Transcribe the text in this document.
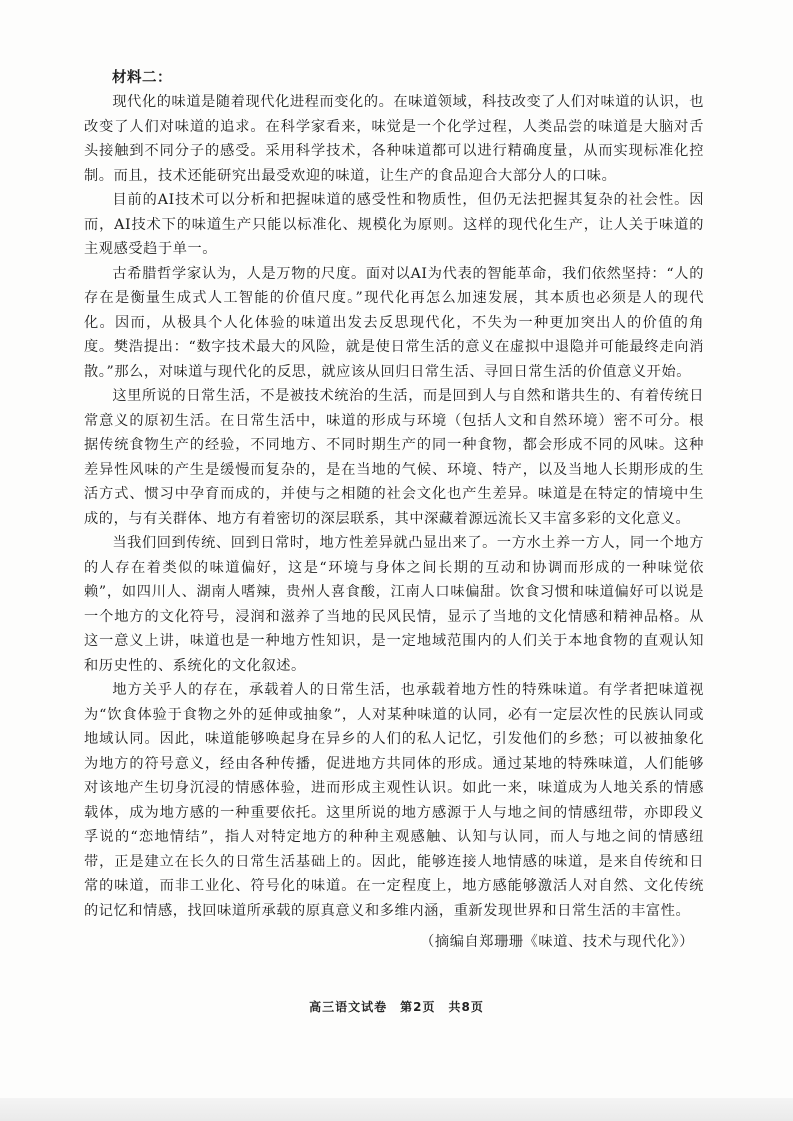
材料二：

现代化的味道是随着现代化进程而变化的。在味道领域，科技改变了人们对味道的认识，也改变了人们对味道的追求。在科学家看来，味觉是一个化学过程，人类品尝的味道是大脑对舌头接触到不同分子的感受。采用科学技术，各种味道都可以进行精确度量，从而实现标准化控制。而且，技术还能研究出最受欢迎的味道，让生产的食品迎合大部分人的口味。

目前的AI技术可以分析和把握味道的感受性和物质性，但仍无法把握其复杂的社会性。因而，AI技术下的味道生产只能以标准化、规模化为原则。这样的现代化生产，让人关于味道的主观感受趋于单一。

古希腊哲学家认为，人是万物的尺度。面对以AI为代表的智能革命，我们依然坚持：“人的存在是衡量生成式人工智能的价值尺度。”现代化再怎么加速发展，其本质也必须是人的现代化。因而，从极具个人化体验的味道出发去反思现代化，不失为一种更加突出人的价值的角度。樊浩提出：“数字技术最大的风险，就是使日常生活的意义在虚拟中退隐并可能最终走向消散。”那么，对味道与现代化的反思，就应该从回归日常生活、寻回日常生活的价值意义开始。

这里所说的日常生活，不是被技术统治的生活，而是回到人与自然和谐共生的、有着传统日常意义的原初生活。在日常生活中，味道的形成与环境（包括人文和自然环境）密不可分。根据传统食物生产的经验，不同地方、不同时期生产的同一种食物，都会形成不同的风味。这种差异性风味的产生是缓慢而复杂的，是在当地的气候、环境、特产，以及当地人长期形成的生活方式、惯习中孕育而成的，并使与之相随的社会文化也产生差异。味道是在特定的情境中生成的，与有关群体、地方有着密切的深层联系，其中深藏着源远流长又丰富多彩的文化意义。

当我们回到传统、回到日常时，地方性差异就凸显出来了。一方水土养一方人，同一个地方的人存在着类似的味道偏好，这是“环境与身体之间长期的互动和协调而形成的一种味觉依赖”，如四川人、湖南人嗜辣，贵州人喜食酸，江南人口味偏甜。饮食习惯和味道偏好可以说是一个地方的文化符号，浸润和滋养了当地的民风民情，显示了当地的文化情感和精神品格。从这一意义上讲，味道也是一种地方性知识，是一定地域范围内的人们关于本地食物的直观认知和历史性的、系统化的文化叙述。

地方关乎人的存在，承载着人的日常生活，也承载着地方性的特殊味道。有学者把味道视为“饮食体验于食物之外的延伸或抽象”，人对某种味道的认同，必有一定层次性的民族认同或地域认同。因此，味道能够唤起身在异乡的人们的私人记忆，引发他们的乡愁；可以被抽象化为地方的符号意义，经由各种传播，促进地方共同体的形成。通过某地的特殊味道，人们能够对该地产生切身沉浸的情感体验，进而形成主观性认识。如此一来，味道成为人地关系的情感载体，成为地方感的一种重要依托。这里所说的地方感源于人与地之间的情感纽带，亦即段义孚说的“恋地情结”，指人对特定地方的种种主观感触、认知与认同，而人与地之间的情感纽带，正是建立在长久的日常生活基础上的。因此，能够连接人地情感的味道，是来自传统和日常的味道，而非工业化、符号化的味道。在一定程度上，地方感能够激活人对自然、文化传统的记忆和情感，找回味道所承载的原真意义和多维内涵，重新发现世界和日常生活的丰富性。

（摘编自郑珊珊《味道、技术与现代化》）
高三语文试卷　第2页　共8页
